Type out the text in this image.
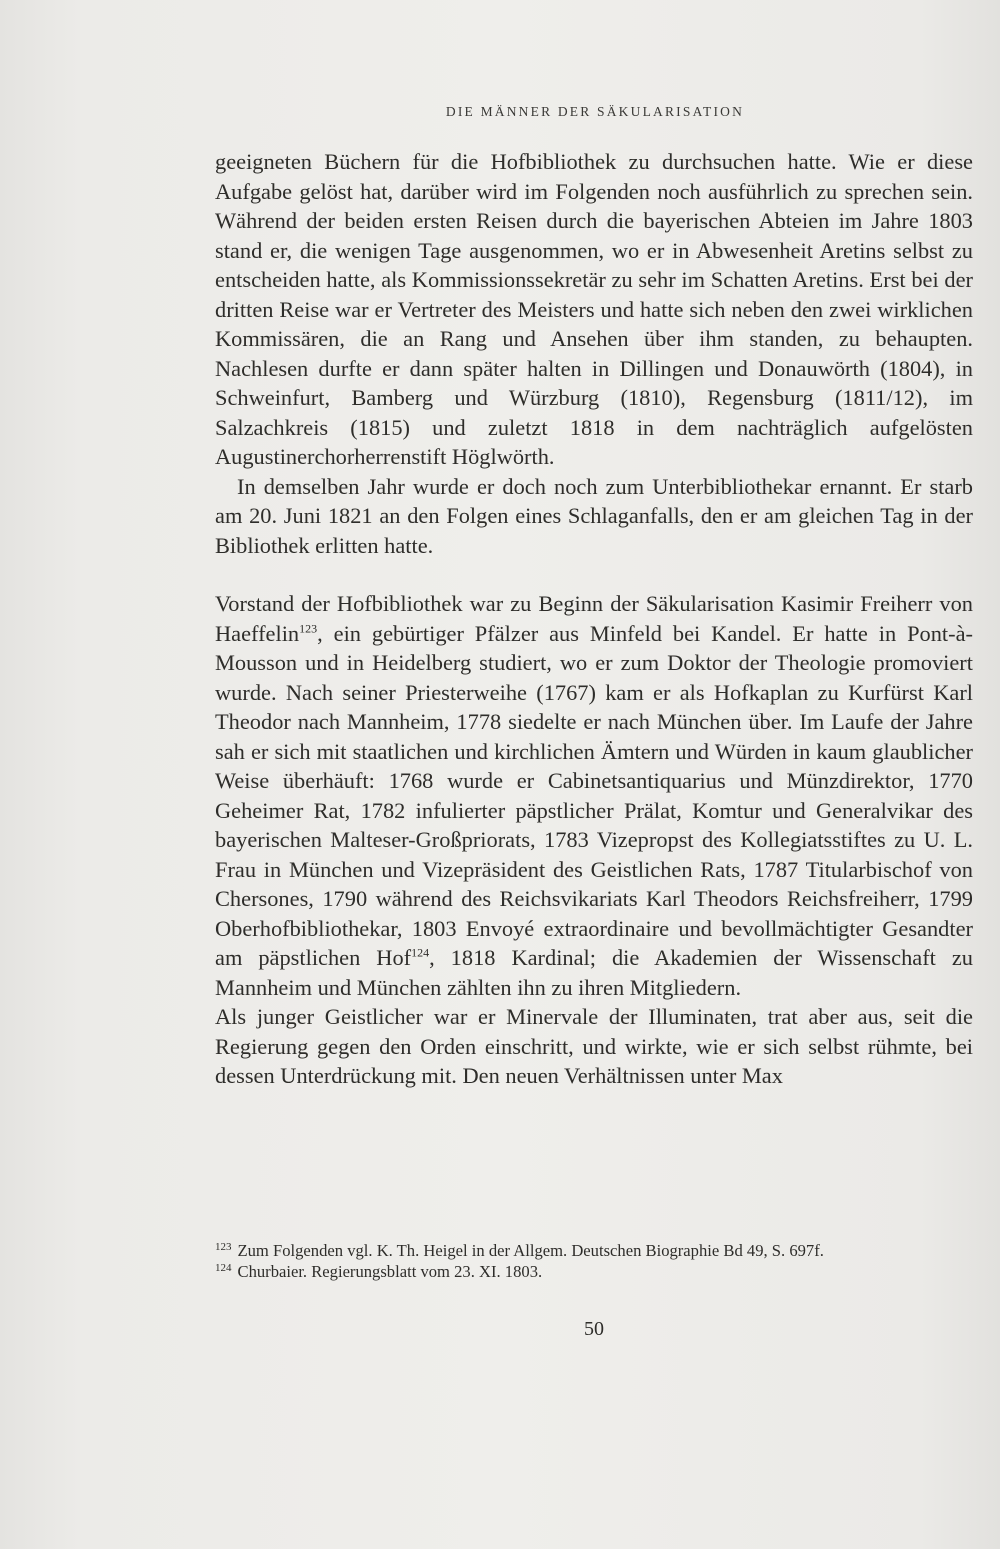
DIE MÄNNER DER SÄKULARISATION

geeigneten Büchern für die Hofbibliothek zu durchsuchen hatte. Wie er diese Aufgabe gelöst hat, darüber wird im Folgenden noch ausführlich zu sprechen sein. Während der beiden ersten Reisen durch die bayerischen Abteien im Jahre 1803 stand er, die wenigen Tage ausgenommen, wo er in Abwesenheit Aretins selbst zu entscheiden hatte, als Kommissionssekretär zu sehr im Schatten Aretins. Erst bei der dritten Reise war er Vertreter des Meisters und hatte sich neben den zwei wirklichen Kommissären, die an Rang und Ansehen über ihm standen, zu behaupten. Nachlesen durfte er dann später halten in Dillingen und Donauwörth (1804), in Schweinfurt, Bamberg und Würzburg (1810), Regensburg (1811/12), im Salzachkreis (1815) und zuletzt 1818 in dem nachträglich aufgelösten Augustinerchorherrenstift Höglwörth.

In demselben Jahr wurde er doch noch zum Unterbibliothekar ernannt. Er starb am 20. Juni 1821 an den Folgen eines Schlaganfalls, den er am gleichen Tag in der Bibliothek erlitten hatte.

Vorstand der Hofbibliothek war zu Beginn der Säkularisation Kasimir Freiherr von Haeffelin$^{123}$, ein gebürtiger Pfälzer aus Minfeld bei Kandel. Er hatte in Pont-à-Mousson und in Heidelberg studiert, wo er zum Doktor der Theologie promoviert wurde. Nach seiner Priesterweihe (1767) kam er als Hofkaplan zu Kurfürst Karl Theodor nach Mannheim, 1778 siedelte er nach München über. Im Laufe der Jahre sah er sich mit staatlichen und kirchlichen Ämtern und Würden in kaum glaublicher Weise überhäuft: 1768 wurde er Cabinetsantiquarius und Münzdirektor, 1770 Geheimer Rat, 1782 infulierter päpstlicher Prälat, Komtur und Generalvikar des bayerischen Malteser-Großpriorats, 1783 Vizepropst des Kollegiatsstiftes zu U. L. Frau in München und Vizepräsident des Geistlichen Rats, 1787 Titularbischof von Chersones, 1790 während des Reichsvikariats Karl Theodors Reichsfreiherr, 1799 Oberhofbibliothekar, 1803 Envoyé extraordinaire und bevollmächtigter Gesandter am päpstlichen Hof$^{124}$, 1818 Kardinal; die Akademien der Wissenschaft zu Mannheim und München zählten ihn zu ihren Mitgliedern.

Als junger Geistlicher war er Minervale der Illuminaten, trat aber aus, seit die Regierung gegen den Orden einschritt, und wirkte, wie er sich selbst rühmte, bei dessen Unterdrückung mit. Den neuen Verhältnissen unter Max

123 Zum Folgenden vgl. K. Th. Heigel in der Allgem. Deutschen Biographie Bd 49, S. 697f.
124 Churbaier. Regierungsblatt vom 23. XI. 1803.
50
